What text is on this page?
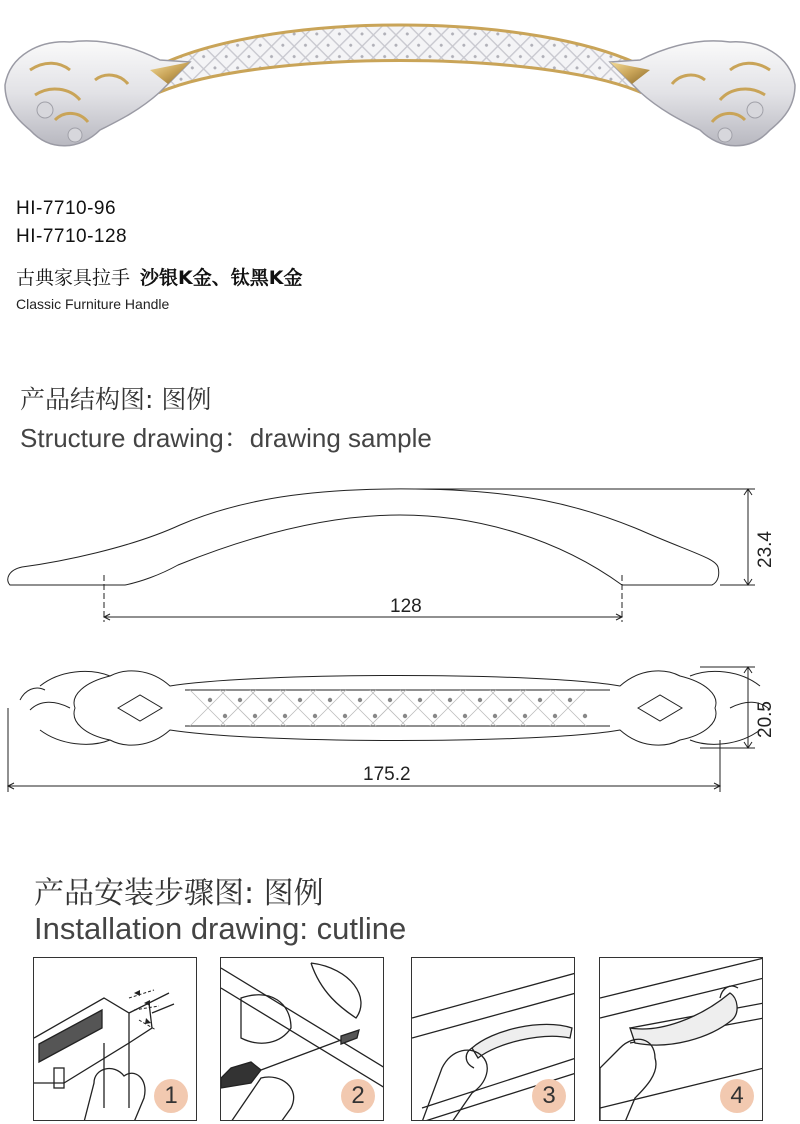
HI-7710-96
HI-7710-128
古典家具拉手 沙银K金、钛黑K金
Classic Furniture Handle
产品结构图: 图例
Structure drawing：drawing sample
128
23.4
20.5
175.2
产品安装步骤图: 图例
Installation drawing: cutline
1	2	3	4
